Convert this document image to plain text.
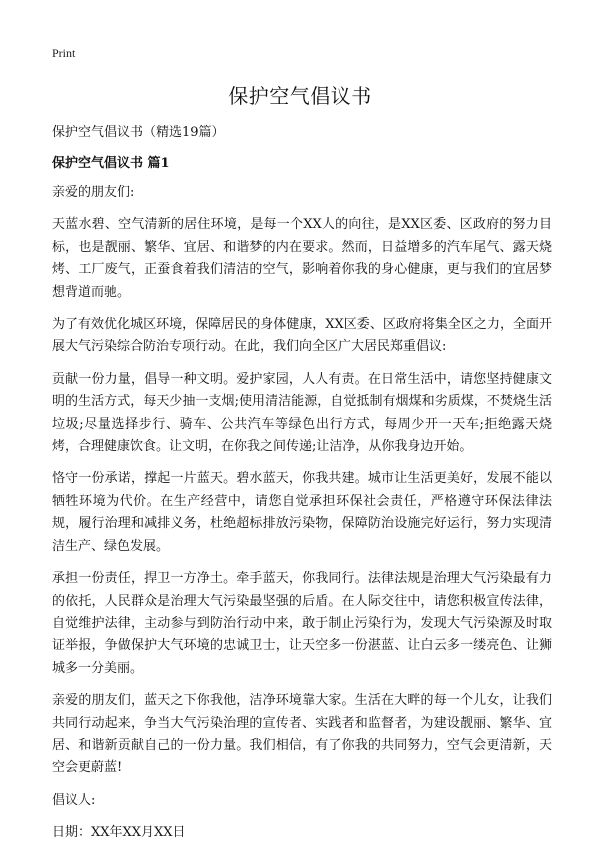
Print
保护空气倡议书
保护空气倡议书（精选19篇）
保护空气倡议书 篇1

亲爱的朋友们:

天蓝水碧、空气清新的居住环境，是每一个XX人的向往，是XX区委、区政府的努力目标，也是靓丽、繁华、宜居、和谐梦的内在要求。然而，日益增多的汽车尾气、露天烧烤、工厂废气，正蚕食着我们清洁的空气，影响着你我的身心健康，更与我们的宜居梦想背道而驰。

为了有效优化城区环境，保障居民的身体健康，XX区委、区政府将集全区之力，全面开展大气污染综合防治专项行动。在此，我们向全区广大居民郑重倡议:

贡献一份力量，倡导一种文明。爱护家园，人人有责。在日常生活中，请您坚持健康文明的生活方式，每天少抽一支烟;使用清洁能源，自觉抵制有烟煤和劣质煤，不焚烧生活垃圾;尽量选择步行、骑车、公共汽车等绿色出行方式，每周少开一天车;拒绝露天烧烤，合理健康饮食。让文明，在你我之间传递;让洁净，从你我身边开始。

恪守一份承诺，撑起一片蓝天。碧水蓝天，你我共建。城市让生活更美好，发展不能以牺牲环境为代价。在生产经营中，请您自觉承担环保社会责任，严格遵守环保法律法规，履行治理和减排义务，杜绝超标排放污染物，保障防治设施完好运行，努力实现清洁生产、绿色发展。

承担一份责任，捍卫一方净土。牵手蓝天，你我同行。法律法规是治理大气污染最有力的依托，人民群众是治理大气污染最坚强的后盾。在人际交往中，请您积极宣传法律，自觉维护法律，主动参与到防治行动中来，敢于制止污染行为，发现大气污染源及时取证举报，争做保护大气环境的忠诚卫士，让天空多一份湛蓝、让白云多一缕亮色、让狮城多一分美丽。

亲爱的朋友们，蓝天之下你我他，洁净环境靠大家。生活在大畔的每一个儿女，让我们共同行动起来，争当大气污染治理的宣传者、实践者和监督者，为建设靓丽、繁华、宜居、和谐新贡献自己的一份力量。我们相信，有了你我的共同努力，空气会更清新，天空会更蔚蓝!

倡议人:

日期：XX年XX月XX日
